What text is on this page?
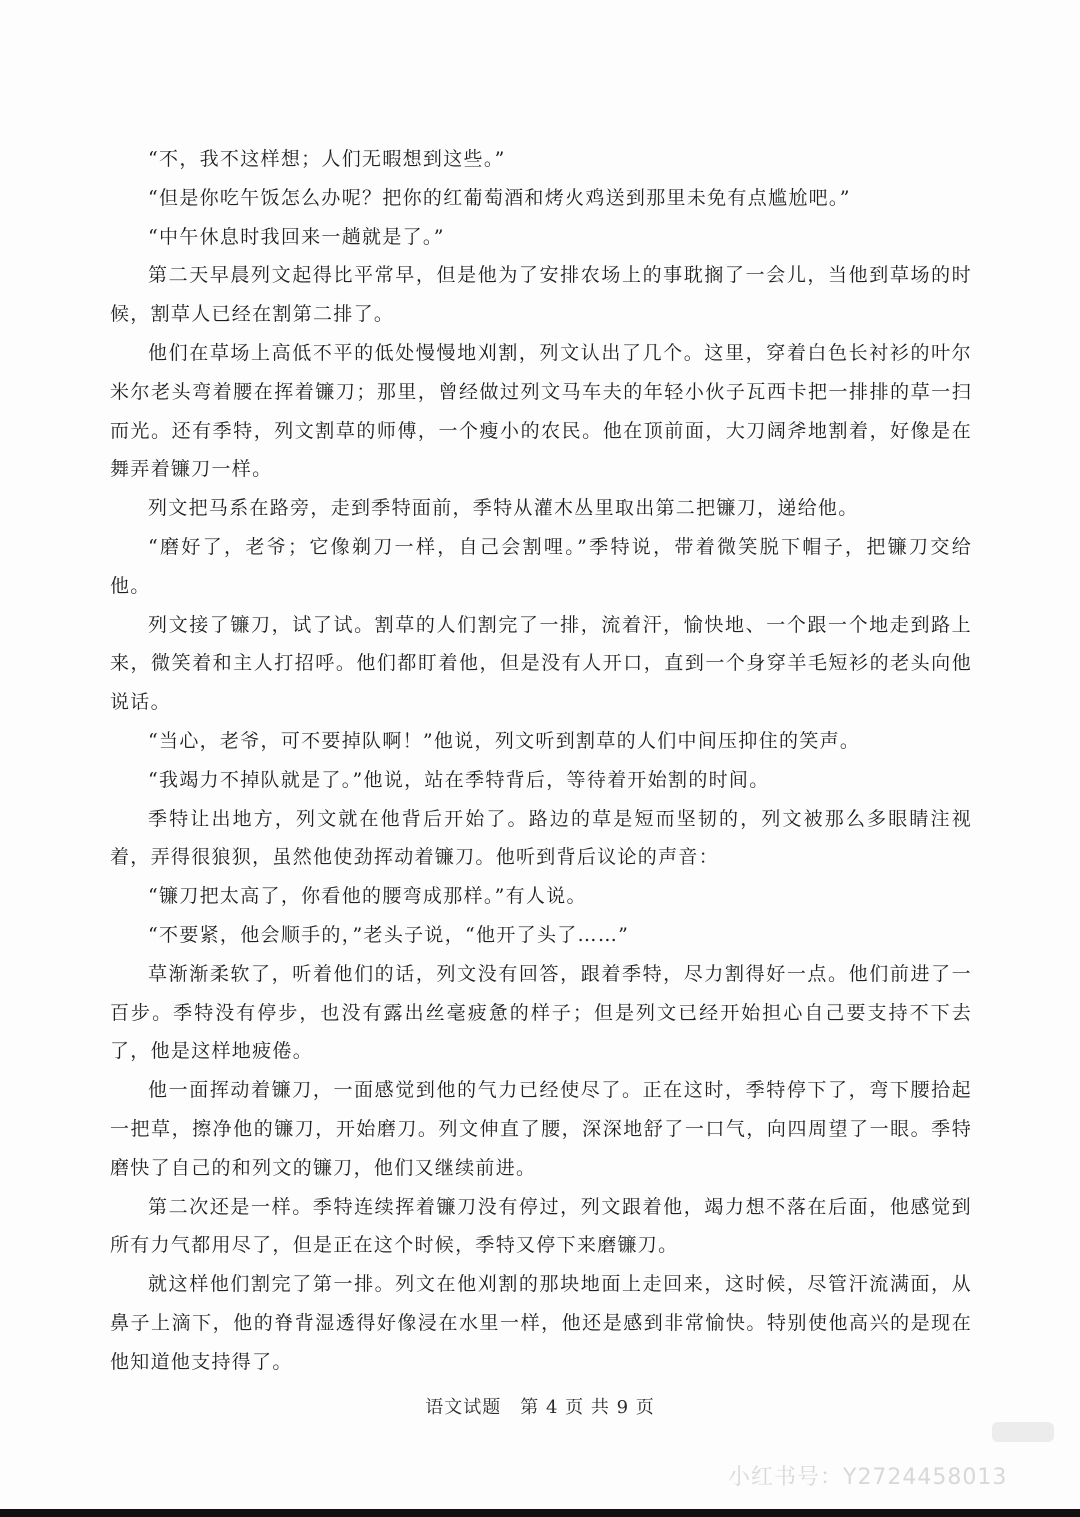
“不，我不这样想；人们无暇想到这些。”

“但是你吃午饭怎么办呢？把你的红葡萄酒和烤火鸡送到那里未免有点尴尬吧。”

“中午休息时我回来一趟就是了。”

第二天早晨列文起得比平常早，但是他为了安排农场上的事耽搁了一会儿，当他到草场的时候，割草人已经在割第二排了。

他们在草场上高低不平的低处慢慢地刈割，列文认出了几个。这里，穿着白色长衬衫的叶尔米尔老头弯着腰在挥着镰刀；那里，曾经做过列文马车夫的年轻小伙子瓦西卡把一排排的草一扫而光。还有季特，列文割草的师傅，一个瘦小的农民。他在顶前面，大刀阔斧地割着，好像是在舞弄着镰刀一样。

列文把马系在路旁，走到季特面前，季特从灌木丛里取出第二把镰刀，递给他。

“磨好了，老爷；它像剃刀一样，自己会割哩。”季特说，带着微笑脱下帽子，把镰刀交给他。

列文接了镰刀，试了试。割草的人们割完了一排，流着汗，愉快地、一个跟一个地走到路上来，微笑着和主人打招呼。他们都盯着他，但是没有人开口，直到一个身穿羊毛短衫的老头向他说话。

“当心，老爷，可不要掉队啊！”他说，列文听到割草的人们中间压抑住的笑声。

“我竭力不掉队就是了。”他说，站在季特背后，等待着开始割的时间。

季特让出地方，列文就在他背后开始了。路边的草是短而坚韧的，列文被那么多眼睛注视着，弄得很狼狈，虽然他使劲挥动着镰刀。他听到背后议论的声音：

“镰刀把太高了，你看他的腰弯成那样。”有人说。

“不要紧，他会顺手的，”老头子说，“他开了头了……”

草渐渐柔软了，听着他们的话，列文没有回答，跟着季特，尽力割得好一点。他们前进了一百步。季特没有停步，也没有露出丝毫疲惫的样子；但是列文已经开始担心自己要支持不下去了，他是这样地疲倦。

他一面挥动着镰刀，一面感觉到他的气力已经使尽了。正在这时，季特停下了，弯下腰拾起一把草，擦净他的镰刀，开始磨刀。列文伸直了腰，深深地舒了一口气，向四周望了一眼。季特磨快了自己的和列文的镰刀，他们又继续前进。

第二次还是一样。季特连续挥着镰刀没有停过，列文跟着他，竭力想不落在后面，他感觉到所有力气都用尽了，但是正在这个时候，季特又停下来磨镰刀。

就这样他们割完了第一排。列文在他刈割的那块地面上走回来，这时候，尽管汗流满面，从鼻子上滴下，他的脊背湿透得好像浸在水里一样，他还是感到非常愉快。特别使他高兴的是现在他知道他支持得了。

语文试题　第 4 页 共 9 页
小红书号：Y2724458013
